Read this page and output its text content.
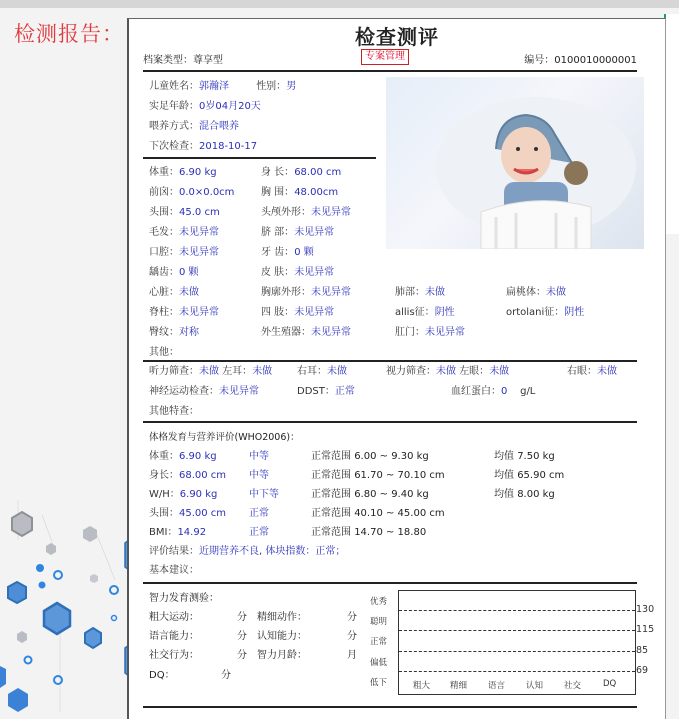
检测报告：	检查测评
档案类型：尊享型	专案管理	编号：0100010000001
儿童姓名：郭瀚泽	性别：男
实足年龄：0岁04月20天
喂养方式：混合喂养
下次检查：2018-10-17
体重：6.90 kg	身 长：68.00 cm
前囟：0.0×0.0cm	胸 围：48.00cm
头围：45.0 cm	头颅外形：未见异常
毛发：未见异常	脐 部：未见异常
口腔：未见异常	牙 齿：0 颗
龋齿：0 颗	皮 肤：未见异常
心脏：未做	胸廓外形：未见异常	肺部：未做	扁桃体：未做
脊柱：未见异常	四 肢：未见异常	allis征：阴性	ortolani征：阴性
臀纹：对称	外生殖器：未见异常	肛门：未见异常
其他：
听力筛查：未做 左耳：未做 右耳：未做	视力筛查：未做 左眼：未做	右眼：未做
神经运动检查：未见异常	DDST：正常	血红蛋白：0 g/L
其他特查：
体格发育与营养评价(WHO2006)：
体重：6.90 kg	中等	正常范围 6.00 ~ 9.30 kg	均值 7.50 kg
身长：68.00 cm 中等	正常范围 61.70 ~ 70.10 cm	均值 65.90 cm
W/H：6.90 kg	中下等	正常范围 6.80 ~ 9.40 kg	均值 8.00 kg
头围：45.00 cm 正常	正常范围 40.10 ~ 45.00 cm
BMI：14.92	正常	正常范围 14.70 ~ 18.80
评价结果：近期营养不良, 体块指数：正常；
基本建议：
智力发育测验：
粗大运动：	分 精细动作：	分
语言能力：	分 认知能力：	分
社交行为：	分 智力月龄：	月
DQ：	分
优秀
聪明
正常
偏低
低下	粗大 精细 语言 认知 社交	DQ
130
115
85
69
